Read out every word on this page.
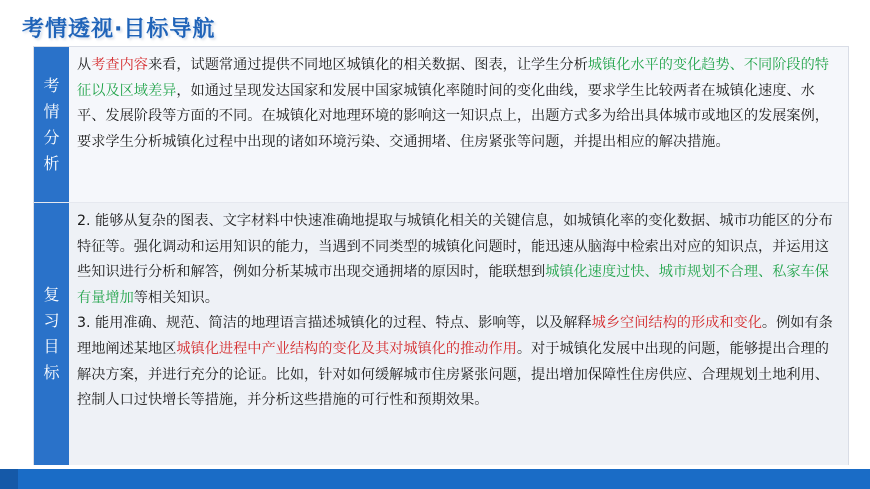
考情透视·目标导航
考
情
分
析

从考查内容来看，试题常通过提供不同地区城镇化的相关数据、图表，让学生分析城镇化水平的变化趋势、不同阶段的特征以及区域差异，如通过呈现发达国家和发展中国家城镇化率随时间的变化曲线，要求学生比较两者在城镇化速度、水平、发展阶段等方面的不同。在城镇化对地理环境的影响这一知识点上，出题方式多为给出具体城市或地区的发展案例，要求学生分析城镇化过程中出现的诸如环境污染、交通拥堵、住房紧张等问题，并提出相应的解决措施。

复
习
目
标

2. 能够从复杂的图表、文字材料中快速准确地提取与城镇化相关的关键信息，如城镇化率的变化数据、城市功能区的分布特征等。强化调动和运用知识的能力，当遇到不同类型的城镇化问题时，能迅速从脑海中检索出对应的知识点，并运用这些知识进行分析和解答，例如分析某城市出现交通拥堵的原因时，能联想到城镇化速度过快、城市规划不合理、私家车保有量增加等相关知识。

3. 能用准确、规范、简洁的地理语言描述城镇化的过程、特点、影响等，以及解释城乡空间结构的形成和变化。例如有条理地阐述某地区城镇化进程中产业结构的变化及其对城镇化的推动作用。对于城镇化发展中出现的问题，能够提出合理的解决方案，并进行充分的论证。比如，针对如何缓解城市住房紧张问题，提出增加保障性住房供应、合理规划土地利用、控制人口过快增长等措施，并分析这些措施的可行性和预期效果。
